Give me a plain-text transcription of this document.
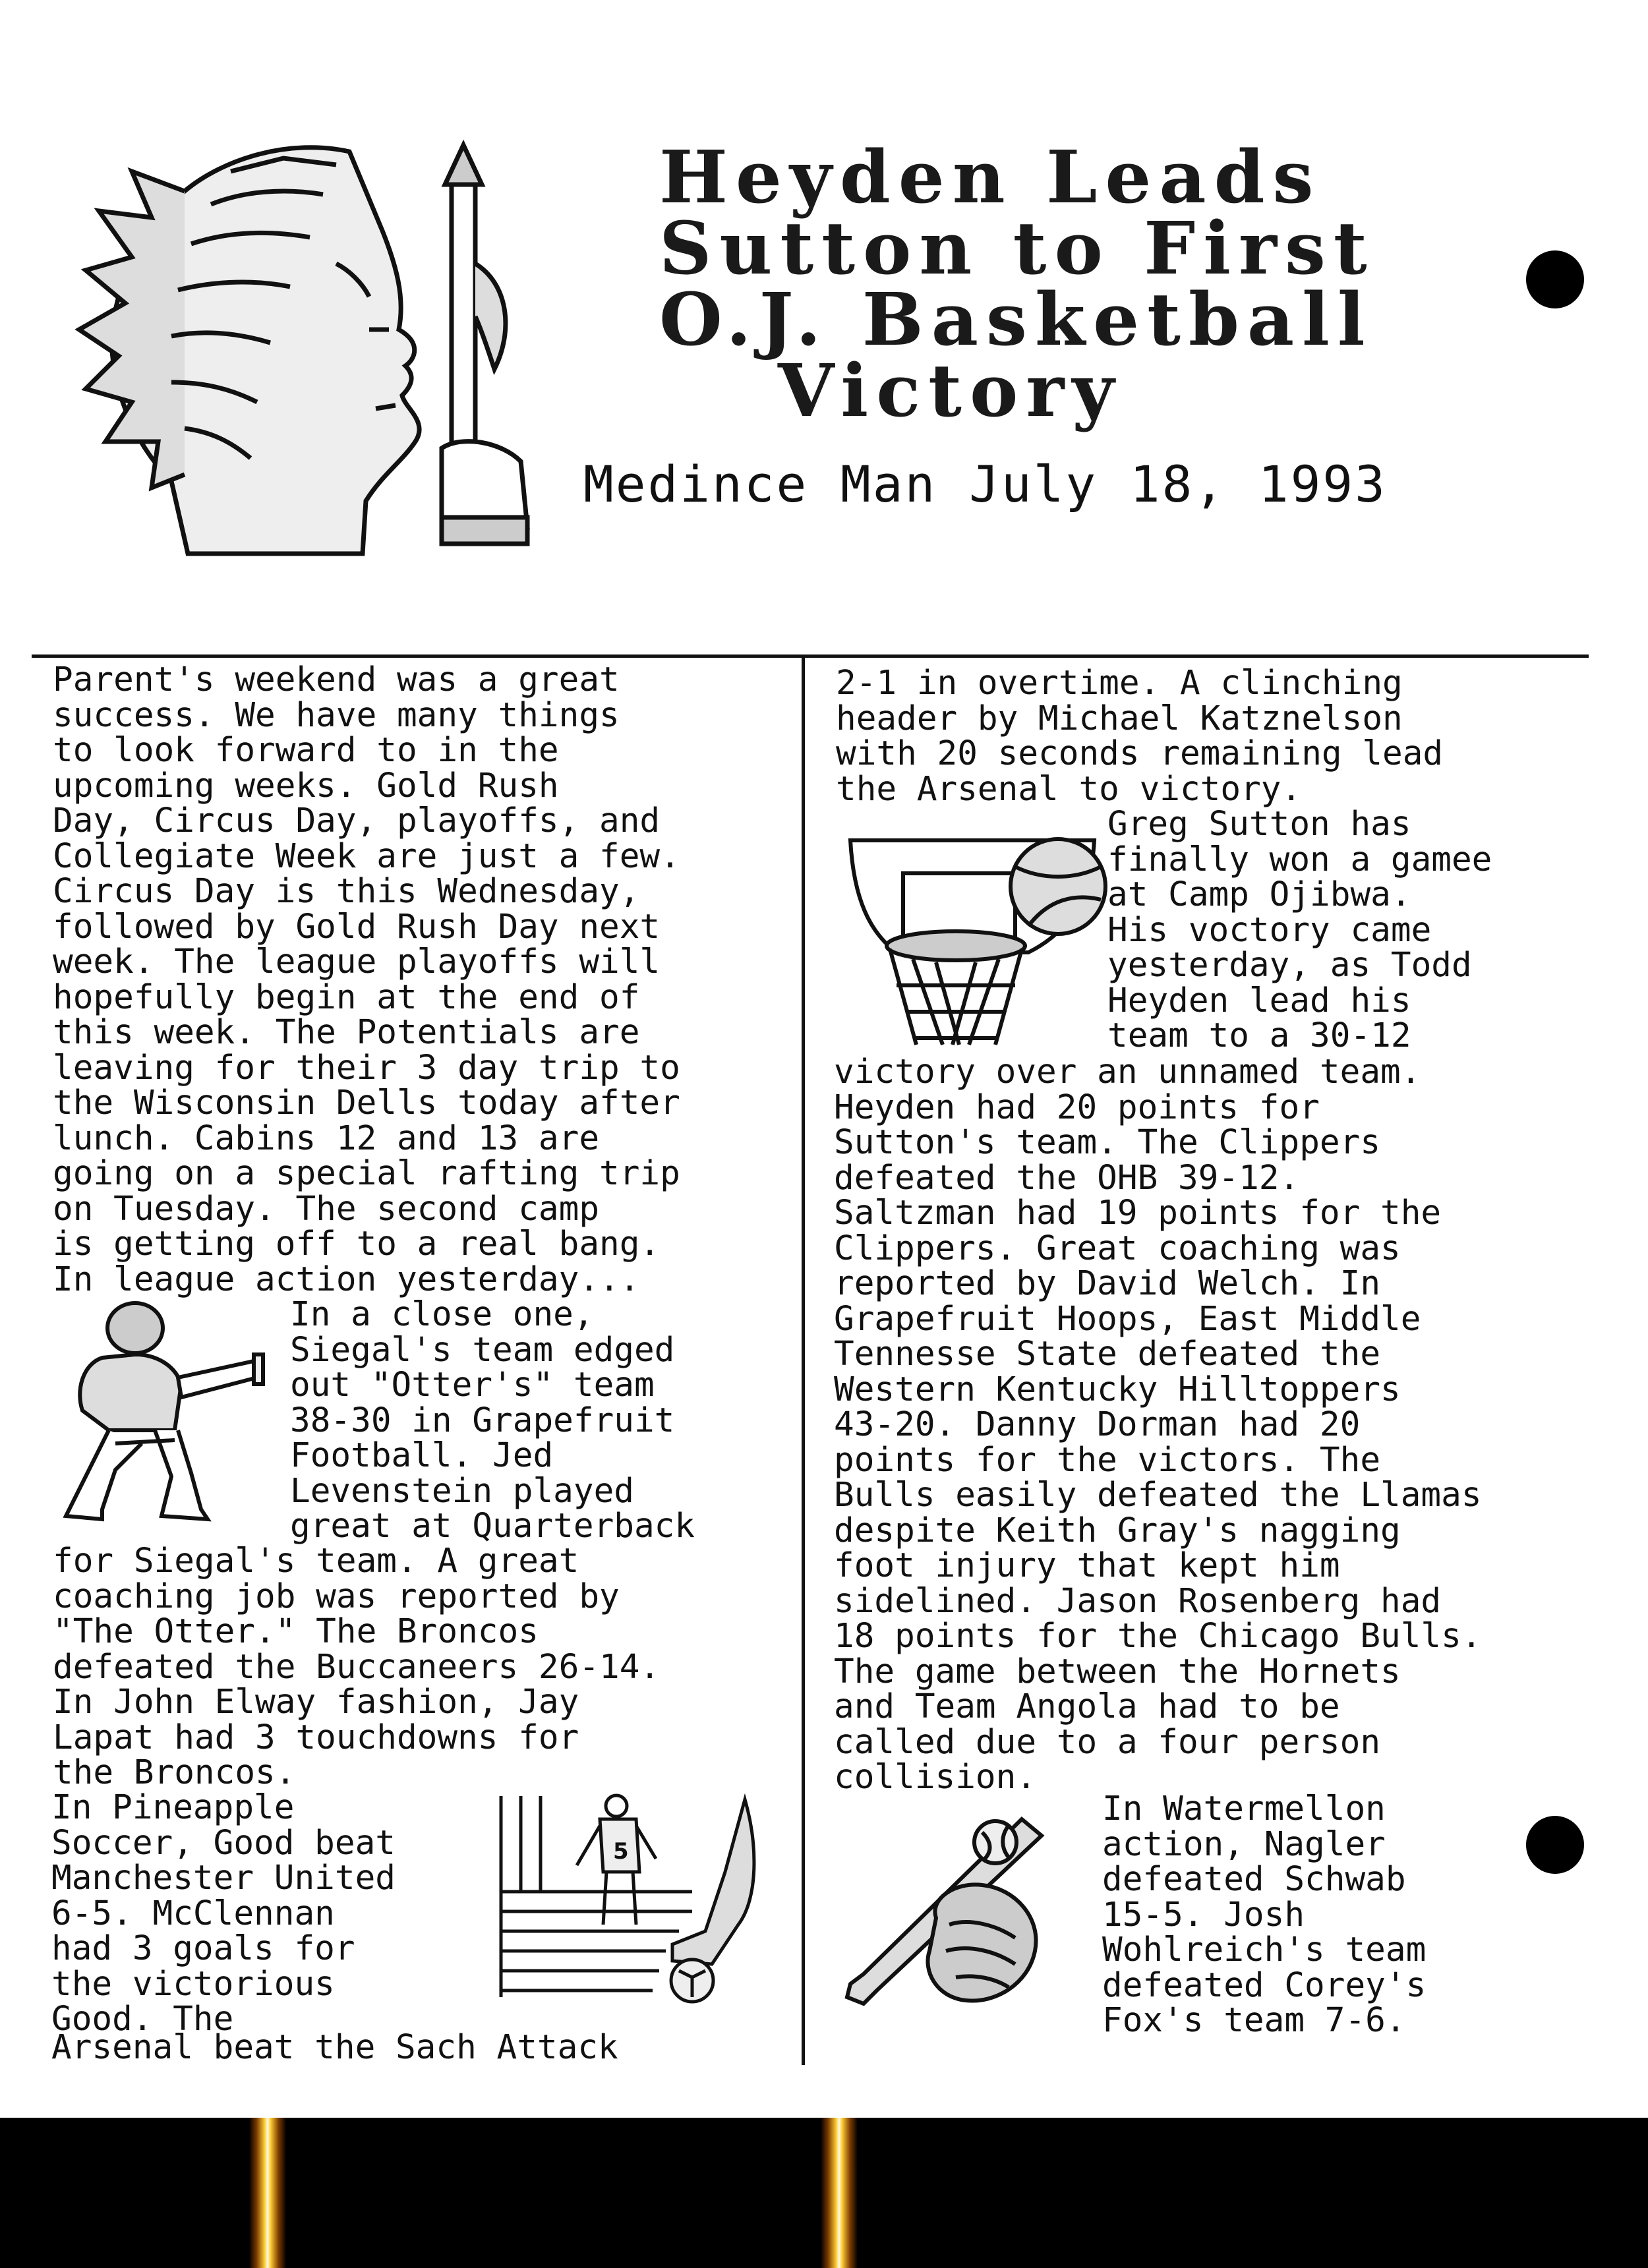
Heyden Leads
Sutton to First
O.J. Basketball
Victory
Medince Man July 18, 1993
Parent's weekend was a great
success. We have many things
to look forward to in the
upcoming weeks. Gold Rush
Day, Circus Day, playoffs, and
Collegiate Week are just a few.
Circus Day is this Wednesday,
followed by Gold Rush Day next
week. The league playoffs will
hopefully begin at the end of
this week. The Potentials are
leaving for their 3 day trip to
the Wisconsin Dells today after
lunch. Cabins 12 and 13 are
going on a special rafting trip
on Tuesday. The second camp
is getting off to a real bang.
In league action yesterday...
In a close one,
Siegal's team edged
out "Otter's" team
38-30 in Grapefruit
Football. Jed
Levenstein played
great at Quarterback
for Siegal's team. A great
coaching job was reported by
"The Otter." The Broncos
defeated the Buccaneers 26-14.
In John Elway fashion, Jay
Lapat had 3 touchdowns for
the Broncos.
In Pineapple
Soccer, Good beat
Manchester United
6-5. McClennan
had 3 goals for
the victorious
Good. The
5
Arsenal beat the Sach Attack
2-1 in overtime. A clinching
header by Michael Katznelson
with 20 seconds remaining lead
the Arsenal to victory.
Greg Sutton has
finally won a gamee
at Camp Ojibwa.
His voctory came
yesterday, as Todd
Heyden lead his
team to a 30-12
victory over an unnamed team.
Heyden had 20 points for
Sutton's team. The Clippers
defeated the OHB 39-12.
Saltzman had 19 points for the
Clippers. Great coaching was
reported by David Welch. In
Grapefruit Hoops, East Middle
Tennesse State defeated the
Western Kentucky Hilltoppers
43-20. Danny Dorman had 20
points for the victors. The
Bulls easily defeated the Llamas
despite Keith Gray's nagging
foot injury that kept him
sidelined. Jason Rosenberg had
18 points for the Chicago Bulls.
The game between the Hornets
and Team Angola had to be
called due to a four person
collision.
In Watermellon
action, Nagler
defeated Schwab
15-5. Josh
Wohlreich's team
defeated Corey's
Fox's team 7-6.
